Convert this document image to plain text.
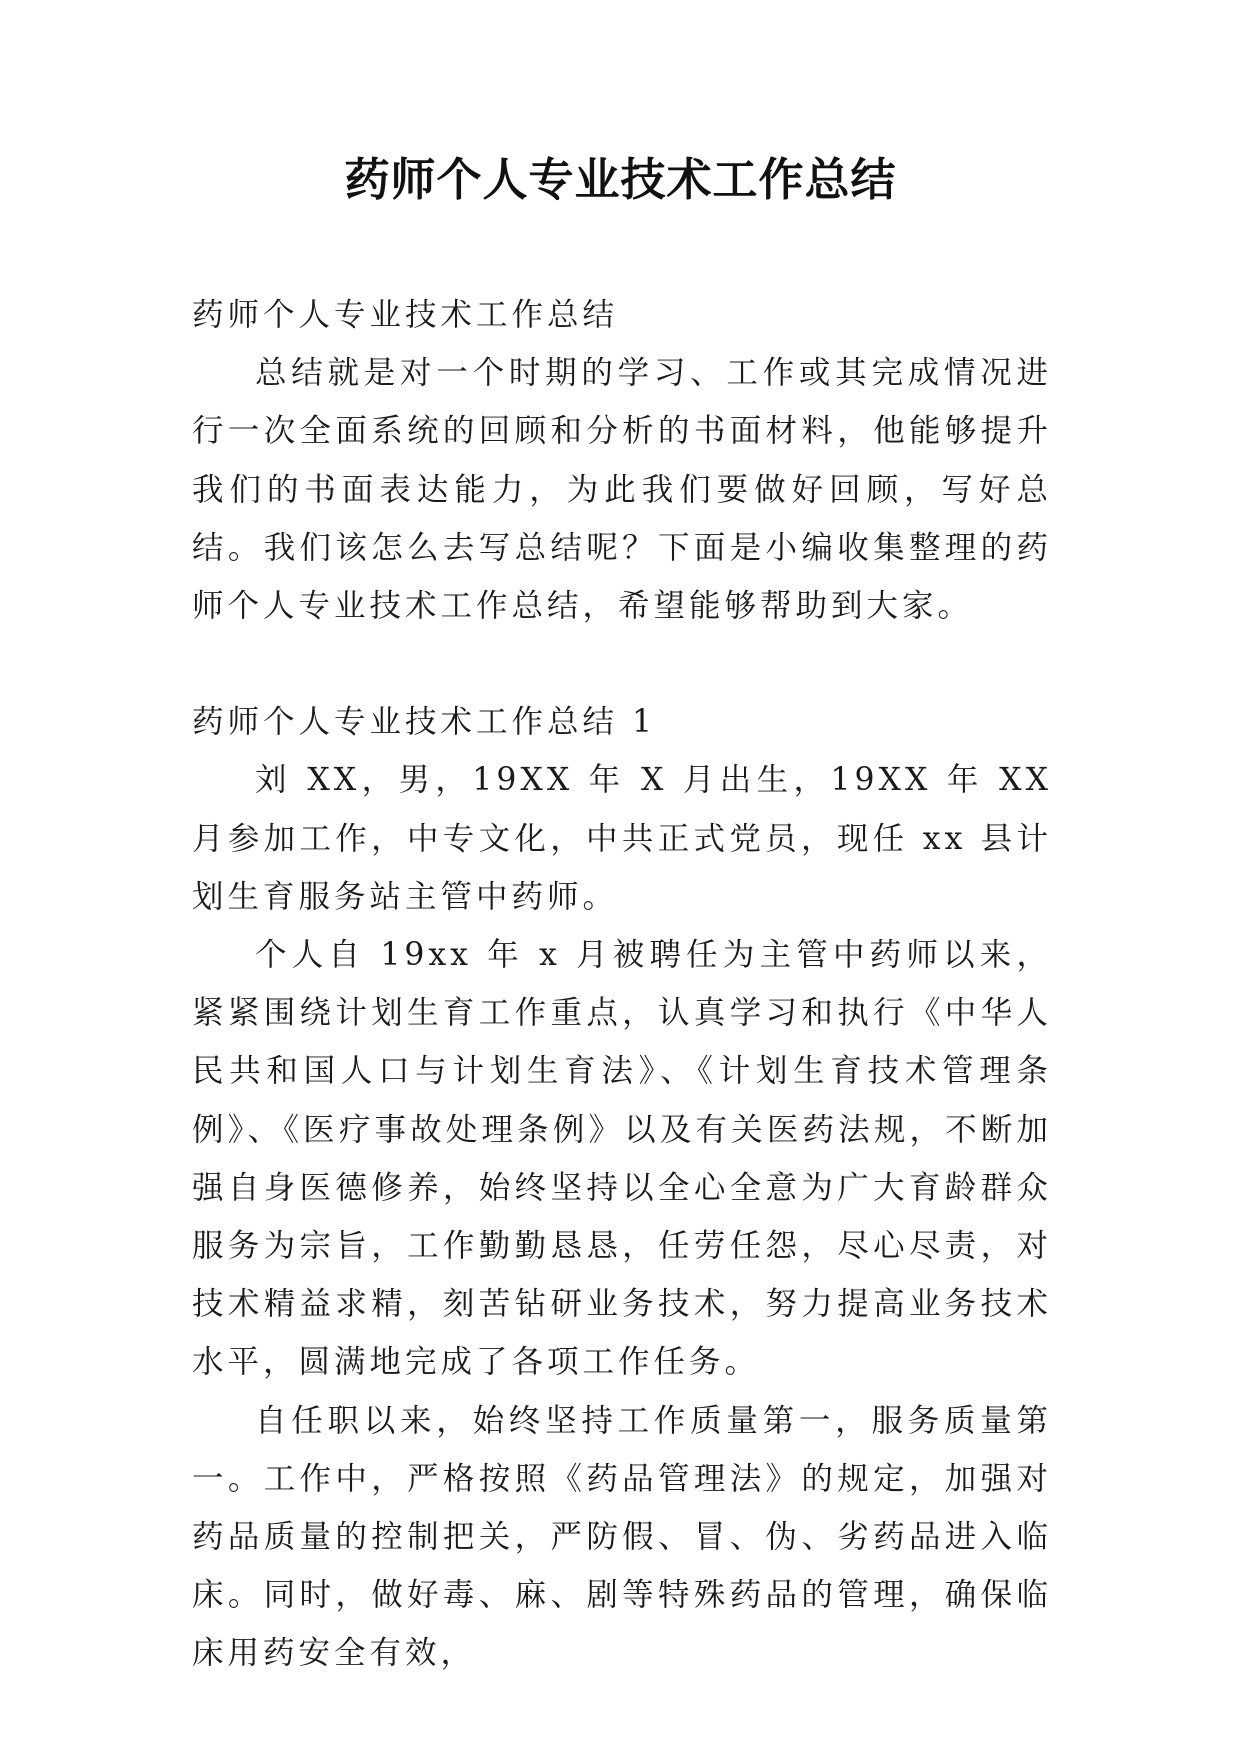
药师个人专业技术工作总结

药师个人专业技术工作总结

总结就是对一个时期的学习、工作或其完成情况进行一次全面系统的回顾和分析的书面材料，他能够提升我们的书面表达能力，为此我们要做好回顾，写好总结。我们该怎么去写总结呢？下面是小编收集整理的药师个人专业技术工作总结，希望能够帮助到大家。

药师个人专业技术工作总结 1

刘 XX，男，19XX 年 X 月出生，19XX 年 XX 月参加工作，中专文化，中共正式党员，现任 xx 县计划生育服务站主管中药师。

个人自 19xx 年 x 月被聘任为主管中药师以来，紧紧围绕计划生育工作重点，认真学习和执行《中华人民共和国人口与计划生育法》、《计划生育技术管理条例》、《医疗事故处理条例》以及有关医药法规，不断加强自身医德修养，始终坚持以全心全意为广大育龄群众服务为宗旨，工作勤勤恳恳，任劳任怨，尽心尽责，对技术精益求精，刻苦钻研业务技术，努力提高业务技术水平，圆满地完成了各项工作任务。

自任职以来，始终坚持工作质量第一，服务质量第一。工作中，严格按照《药品管理法》的规定，加强对药品质量的控制把关，严防假、冒、伪、劣药品进入临床。同时，做好毒、麻、剧等特殊药品的管理，确保临床用药安全有效，
